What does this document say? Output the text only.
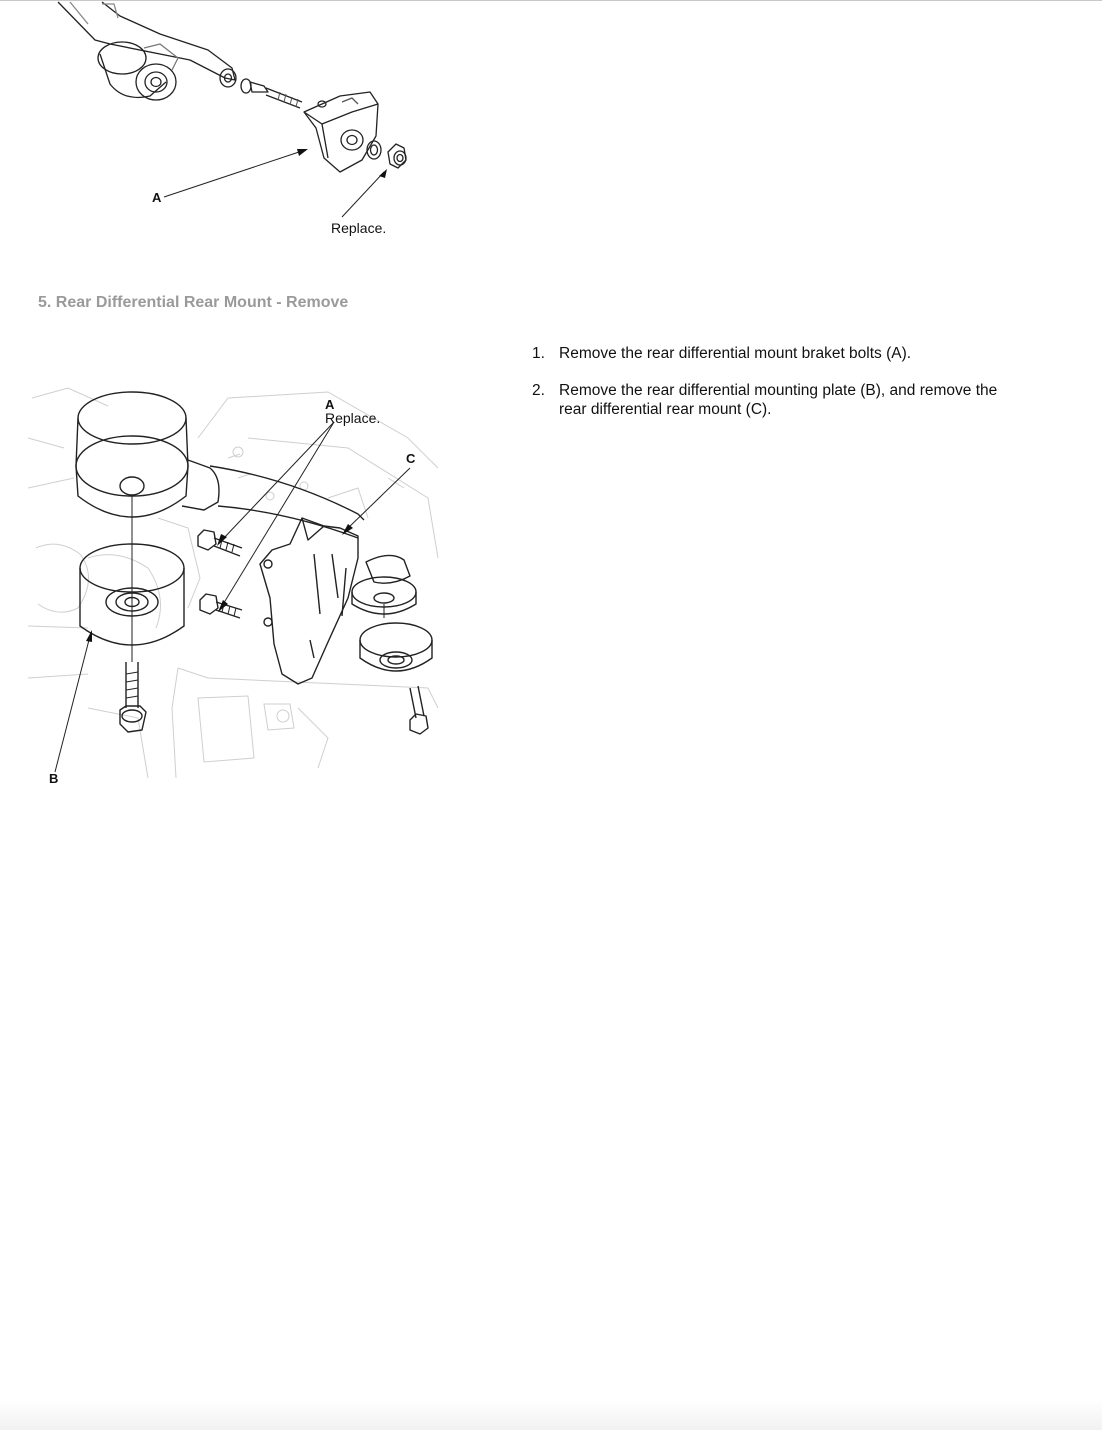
A
Replace.
5. Rear Differential Rear Mount - Remove
A
Replace.
C
B
1. Remove the rear differential mount braket bolts (A).
2. Remove the rear differential mounting plate (B), and remove the rear differential rear mount (C).
